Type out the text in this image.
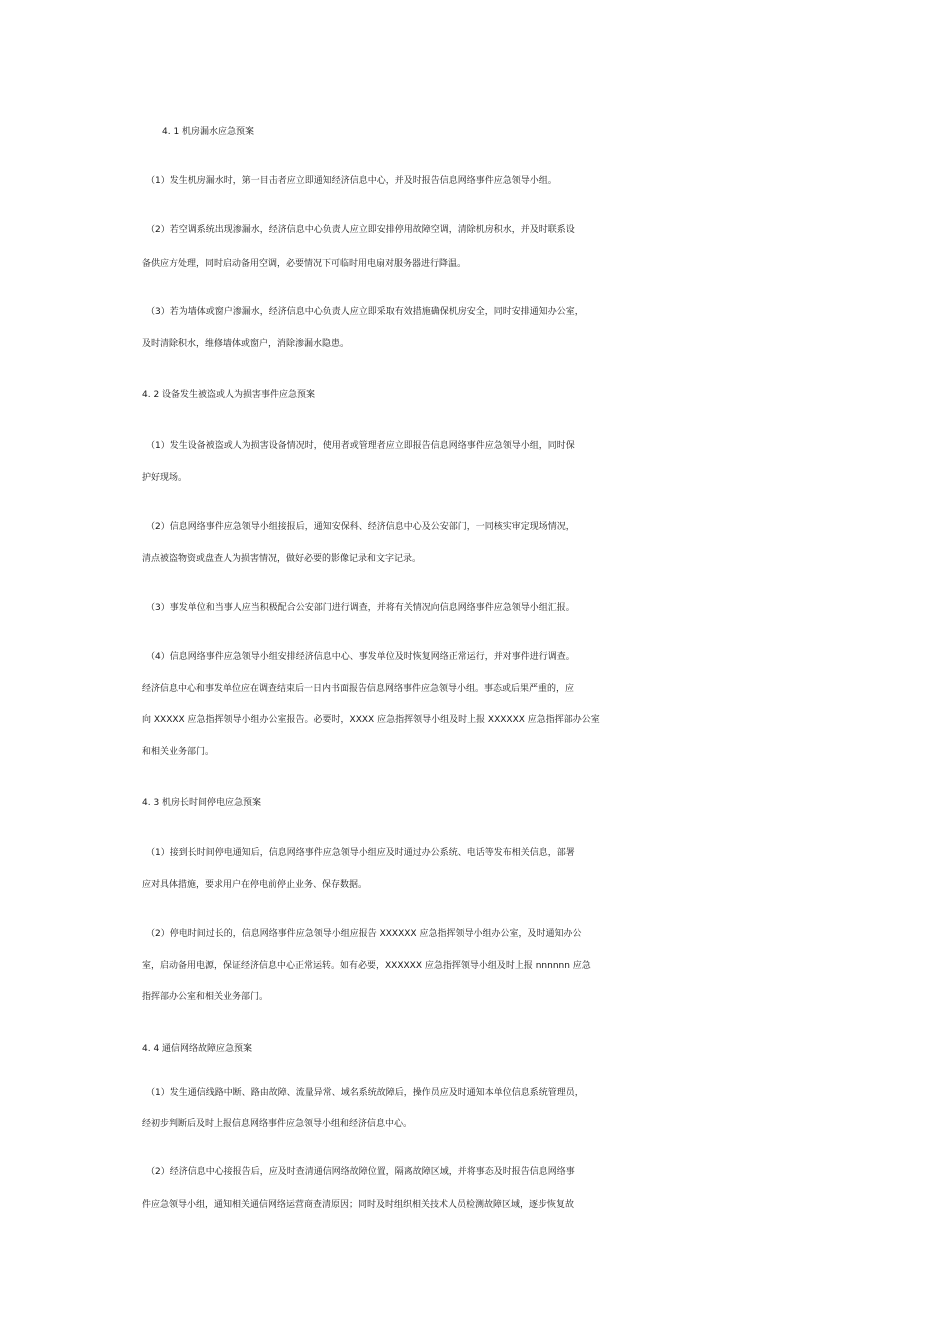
4. 1 机房漏水应急预案
（1）发生机房漏水时，第一目击者应立即通知经济信息中心，并及时报告信息网络事件应急领导小组。
（2）若空调系统出现渗漏水，经济信息中心负责人应立即安排停用故障空调，清除机房积水，并及时联系设
备供应方处理，同时启动备用空调，必要情况下可临时用电扇对服务器进行降温。
（3）若为墙体或窗户渗漏水，经济信息中心负责人应立即采取有效措施确保机房安全，同时安排通知办公室，
及时清除积水，维修墙体或窗户，消除渗漏水隐患。
4. 2 设备发生被盗或人为损害事件应急预案
（1）发生设备被盗或人为损害设备情况时，使用者或管理者应立即报告信息网络事件应急领导小组，同时保
护好现场。
（2）信息网络事件应急领导小组接报后，通知安保科、经济信息中心及公安部门，一同核实审定现场情况，
清点被盗物资或盘查人为损害情况，做好必要的影像记录和文字记录。
（3）事发单位和当事人应当积极配合公安部门进行调查，并将有关情况向信息网络事件应急领导小组汇报。
（4）信息网络事件应急领导小组安排经济信息中心、事发单位及时恢复网络正常运行，并对事件进行调查。
经济信息中心和事发单位应在调查结束后一日内书面报告信息网络事件应急领导小组。事态或后果严重的，应
向 XXXXX 应急指挥领导小组办公室报告。必要时，XXXX 应急指挥领导小组及时上报 XXXXXX 应急指挥部办公室
和相关业务部门。
4. 3 机房长时间停电应急预案
（1）接到长时间停电通知后，信息网络事件应急领导小组应及时通过办公系统、电话等发布相关信息，部署
应对具体措施，要求用户在停电前停止业务、保存数据。
（2）停电时间过长的，信息网络事件应急领导小组应报告 XXXXXX 应急指挥领导小组办公室，及时通知办公
室，启动备用电源，保证经济信息中心正常运转。如有必要，XXXXXX 应急指挥领导小组及时上报 nnnnnn 应急
指挥部办公室和相关业务部门。
4. 4 通信网络故障应急预案
（1）发生通信线路中断、路由故障、流量异常、域名系统故障后，操作员应及时通知本单位信息系统管理员，
经初步判断后及时上报信息网络事件应急领导小组和经济信息中心。
（2）经济信息中心接报告后，应及时查清通信网络故障位置，隔离故障区域，并将事态及时报告信息网络事
件应急领导小组，通知相关通信网络运营商查清原因；同时及时组织相关技术人员检测故障区域，逐步恢复故
